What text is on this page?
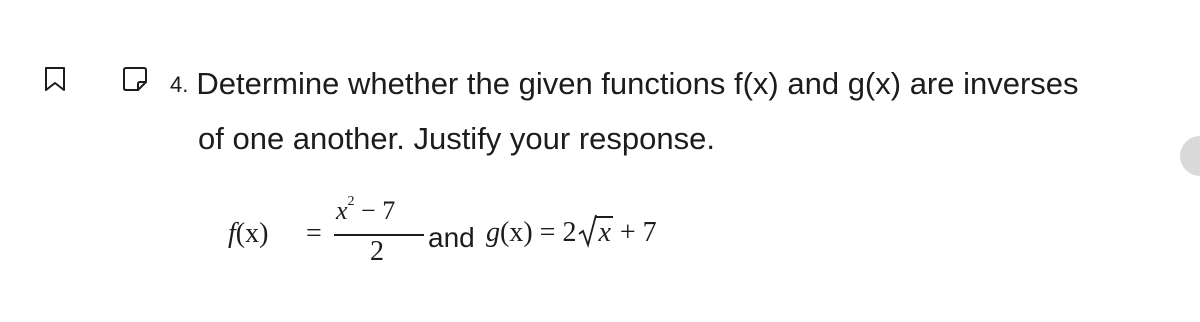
4. Determine whether the given functions f(x) and g(x) are inverses
of one another. Justify your response.
f(x) =
$x^2 - 7$
2 and g(x) = 2 x + 7
